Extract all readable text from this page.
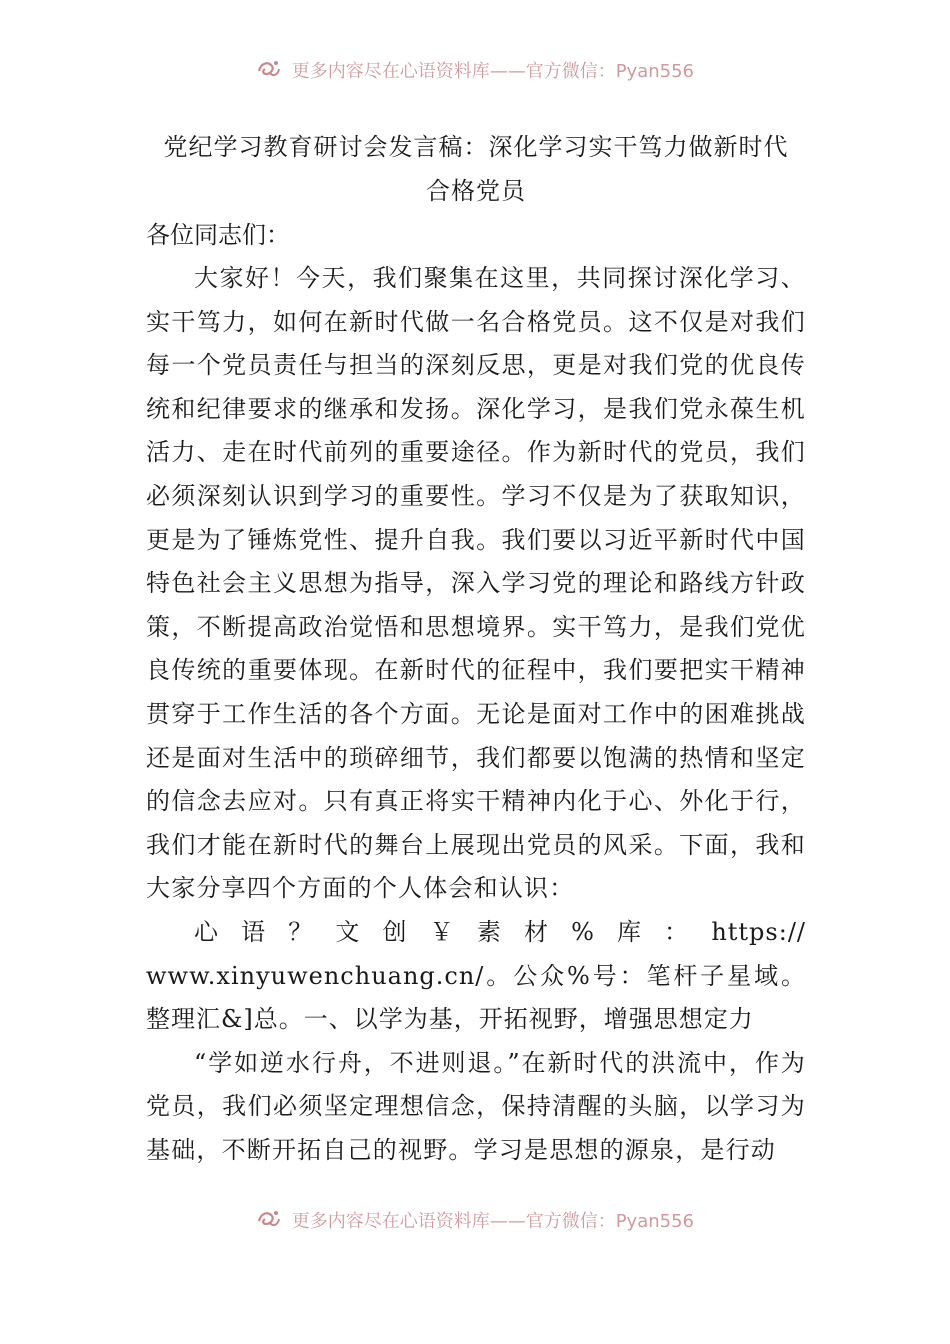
更多内容尽在心语资料库——官方微信：Pyan556
党纪学习教育研讨会发言稿：深化学习实干笃力做新时代
合格党员

各位同志们：

大家好！今天，我们聚集在这里，共同探讨深化学习、实干笃力，如何在新时代做一名合格党员。这不仅是对我们每一个党员责任与担当的深刻反思，更是对我们党的优良传统和纪律要求的继承和发扬。深化学习，是我们党永葆生机活力、走在时代前列的重要途径。作为新时代的党员，我们必须深刻认识到学习的重要性。学习不仅是为了获取知识，更是为了锤炼党性、提升自我。我们要以习近平新时代中国特色社会主义思想为指导，深入学习党的理论和路线方针政策，不断提高政治觉悟和思想境界。实干笃力，是我们党优良传统的重要体现。在新时代的征程中，我们要把实干精神贯穿于工作生活的各个方面。无论是面对工作中的困难挑战还是面对生活中的琐碎细节，我们都要以饱满的热情和坚定的信念去应对。只有真正将实干精神内化于心、外化于行，我们才能在新时代的舞台上展现出党员的风采。下面，我和大家分享四个方面的个人体会和认识：

心语？文创￥素材%库：https://www.xinyuwenchuang.cn/。公众%号：笔杆子星域。整理汇&]总。一、以学为基，开拓视野，增强思想定力

“学如逆水行舟，不进则退。”在新时代的洪流中，作为党员，我们必须坚定理想信念，保持清醒的头脑，以学习为基础，不断开拓自己的视野。学习是思想的源泉，是行动

更多内容尽在心语资料库——官方微信：Pyan556
